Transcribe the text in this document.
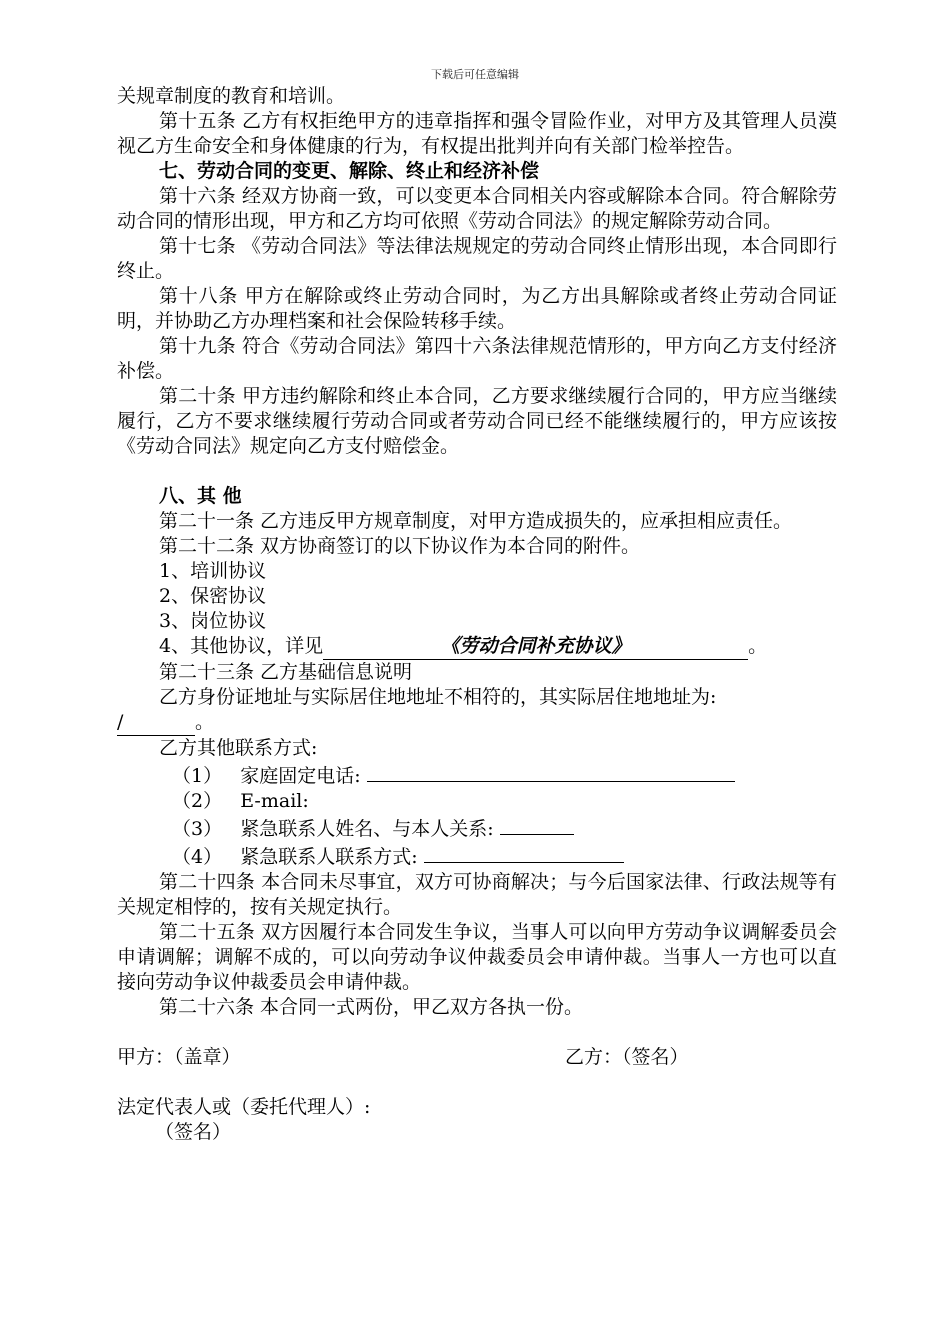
下载后可任意编辑

关规章制度的教育和培训。

第十五条 乙方有权拒绝甲方的违章指挥和强令冒险作业，对甲方及其管理人员漠视乙方生命安全和身体健康的行为，有权提出批判并向有关部门检举控告。

七、劳动合同的变更、解除、终止和经济补偿

第十六条 经双方协商一致，可以变更本合同相关内容或解除本合同。符合解除劳动合同的情形出现，甲方和乙方均可依照《劳动合同法》的规定解除劳动合同。

第十七条 《劳动合同法》等法律法规规定的劳动合同终止情形出现，本合同即行终止。

第十八条 甲方在解除或终止劳动合同时，为乙方出具解除或者终止劳动合同证明，并协助乙方办理档案和社会保险转移手续。

第十九条 符合《劳动合同法》第四十六条法律规范情形的，甲方向乙方支付经济补偿。

第二十条 甲方违约解除和终止本合同，乙方要求继续履行合同的，甲方应当继续履行，乙方不要求继续履行劳动合同或者劳动合同已经不能继续履行的，甲方应该按《劳动合同法》规定向乙方支付赔偿金。

八、其 他

第二十一条 乙方违反甲方规章制度，对甲方造成损失的，应承担相应责任。

第二十二条 双方协商签订的以下协议作为本合同的附件。

1、培训协议

2、保密协议

3、岗位协议

4、其他协议，详见	《劳动合同补充协议》	。

第二十三条 乙方基础信息说明

乙方身份证地址与实际居住地地址不相符的，其实际居住地地址为:

/	。

乙方其他联系方式:

（1）   家庭固定电话:

（2）   E-mail:

（3）   紧急联系人姓名、与本人关系:

（4）   紧急联系人联系方式:

第二十四条 本合同未尽事宜，双方可协商解决；与今后国家法律、行政法规等有关规定相悖的，按有关规定执行。

第二十五条 双方因履行本合同发生争议，当事人可以向甲方劳动争议调解委员会申请调解；调解不成的，可以向劳动争议仲裁委员会申请仲裁。当事人一方也可以直接向劳动争议仲裁委员会申请仲裁。

第二十六条 本合同一式两份，甲乙双方各执一份。

甲方：（盖章）	乙方：（签名）

法定代表人或（委托代理人）:

（签名）
